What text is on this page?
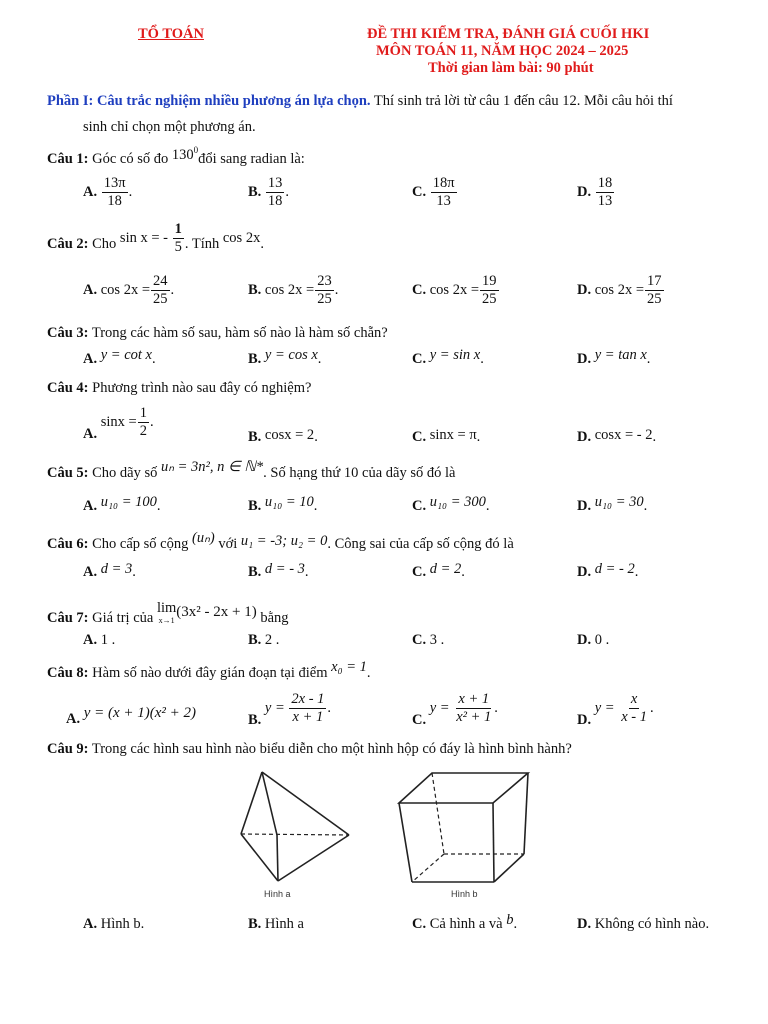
TỔ TOÁN	ĐỀ THI KIỂM TRA, ĐÁNH GIÁ CUỐI HKI
MÔN TOÁN 11, NĂM HỌC 2024 – 2025
Thời gian làm bài: 90 phút
Phần I: Câu trắc nghiệm nhiều phương án lựa chọn. Thí sinh trả lời từ câu 1 đến câu 12. Mỗi câu hỏi thí
sinh chỉ chọn một phương án.
Câu 1: Góc có số đo $130^0đổi$ sang radian là:
A. $\frac{13\pi}{18}$ .	B. $\frac{13}{18}$ .	C. $\frac{18\pi}{13}$	D. $\frac{18}{13}$
Câu 2: Cho sin x = - $\frac{1}{5}$ . Tính cos 2x.
A. $\cos 2x = \frac{24}{25}$ .	B. $\cos 2x = \frac{23}{25}$ .	C. $\cos 2x = \frac{19}{25}$	D. $\cos 2x = \frac{17}{25}$
Câu 3: Trong các hàm số sau, hàm số nào là hàm số chẵn?
A. y = cot x.	B. y = cos x.	C. y = sin x.	D. y = tan x.
Câu 4: Phương trình nào sau đây có nghiệm?
A. $\sin x = \frac{1}{2}$ .
B. cosx = 2.	C. sinx = π.	D. cosx = - 2.
Câu 5: Cho dãy số uₙ = 3n², n ∈ ℕ*. Số hạng thứ 10 của dãy số đó là
A. u₁₀ = 100.	B. u₁₀ = 10.	C. u₁₀ = 300.	D. u₁₀ = 30.
Câu 6: Cho cấp số cộng (uₙ) với u₁ = -3; u₂ = 0. Công sai của cấp số cộng đó là
A. d = 3.	B. d = - 3.	C. d = 2.	D. d = - 2.
Câu 7: Giá trị của
lim
x→1
(3x² - 2x + 1) bằng
A. 1 .	B. 2 .	C. 3 .	D. 0 .
Câu 8: Hàm số nào dưới đây gián đoạn tại điểm x₀ = 1.
A. y = (x + 1)(x² + 2)	B. $y = \frac{2x - 1}{x + 1}$ .
C. $y = \frac{x + 1}{\text{x² + 1}}$ .
D. $y = \frac{x}{x - 1}$ .
Câu 9: Trong các hình sau hình nào biểu diễn cho một hình hộp có đáy là hình bình hành?
Hình a	Hình b
A. Hình b.	B. Hình a	C. Cả hình a và b.	D. Không có hình nào.
